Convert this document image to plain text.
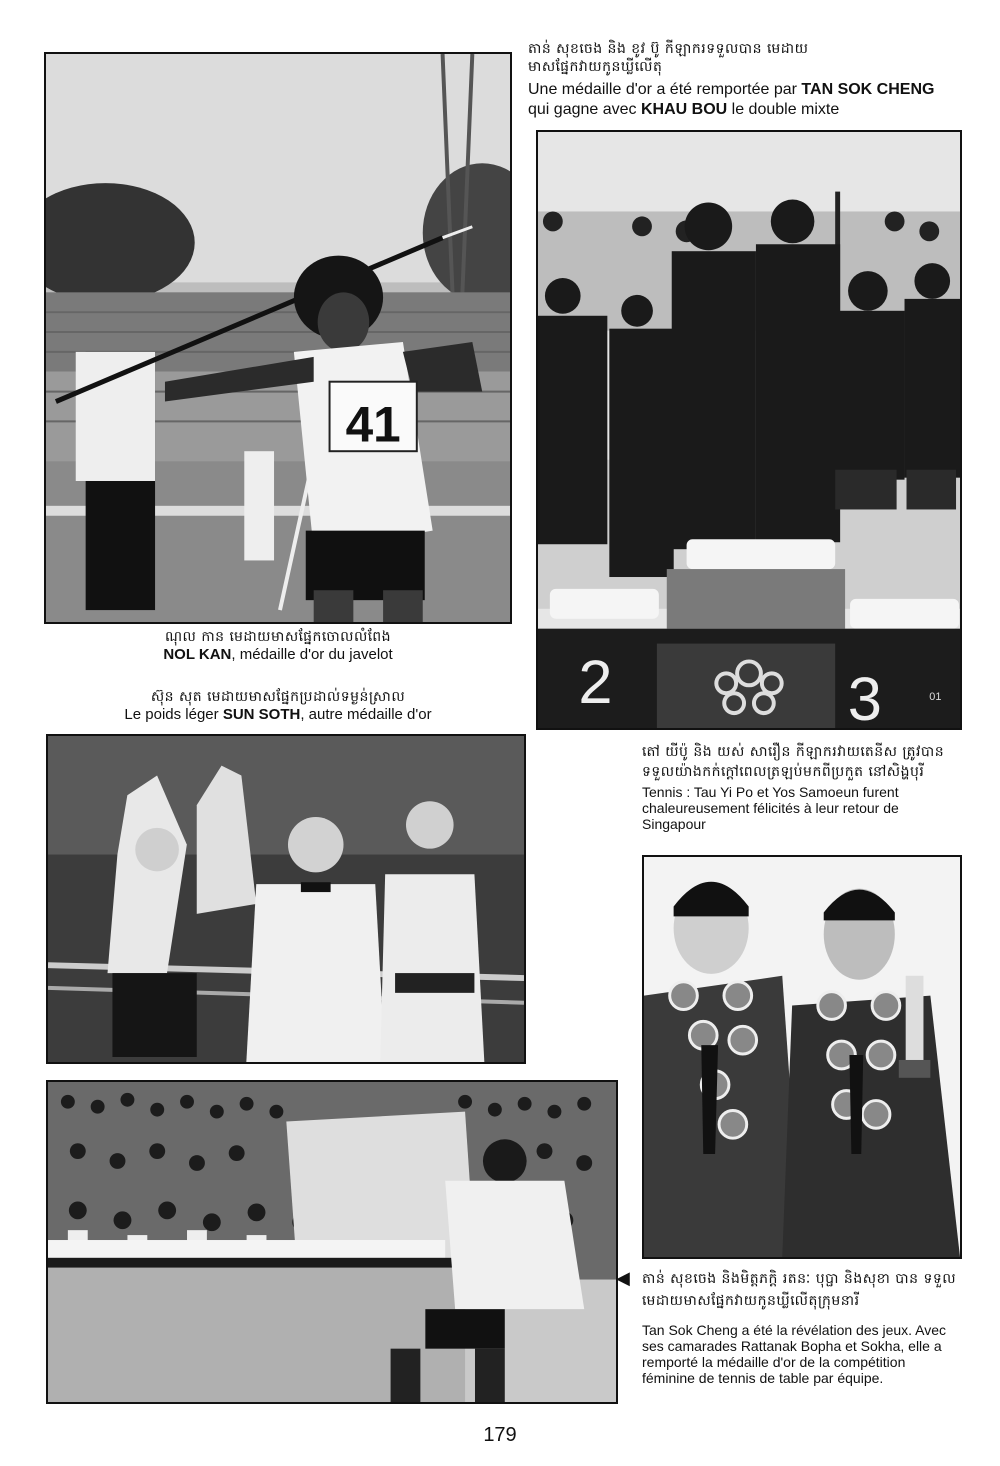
តាន់ សុខចេង និង ខូវ ប៊ូ កីឡាករទទួលបាន មេដាយមាសផ្នែកវាយកូនឃ្លីលើតុ
Une médaille d'or a été remportée par TAN SOK CHENG qui gagne avec KHAU BOU le double mixte
41
ណុល កាន មេដាយមាសផ្នែកចោលលំពែង
NOL KAN, médaille d'or du javelot
ស៊ុន សុត មេដាយមាសផ្នែកប្រដាល់ទម្ងន់ស្រាល
Le poids léger SUN SOTH, autre médaille d'or	2	3	01
តៅ យីប៉ូ និង យស់ សារឿន កីឡាករវាយតេនីស ត្រូវបានទទួលយ៉ាងកក់ក្ដៅពេលត្រឡប់មកពីប្រកួត នៅសិង្ហបុរី
Tennis : Tau Yi Po et Yos Samoeun furent chaleureusement félicités à leur retour de Singapour
◀ តាន់ សុខចេង និងមិត្តភក្តិ រតនៈ បុប្ផា និងសុខា បាន ទទួលមេដាយមាសផ្នែកវាយកូនឃ្លីលើតុក្រុមនារី
Tan Sok Cheng a été la révélation des jeux. Avec ses camarades Rattanak Bopha et Sokha, elle a remporté la médaille d'or de la compétition féminine de tennis de table par équipe.
179
